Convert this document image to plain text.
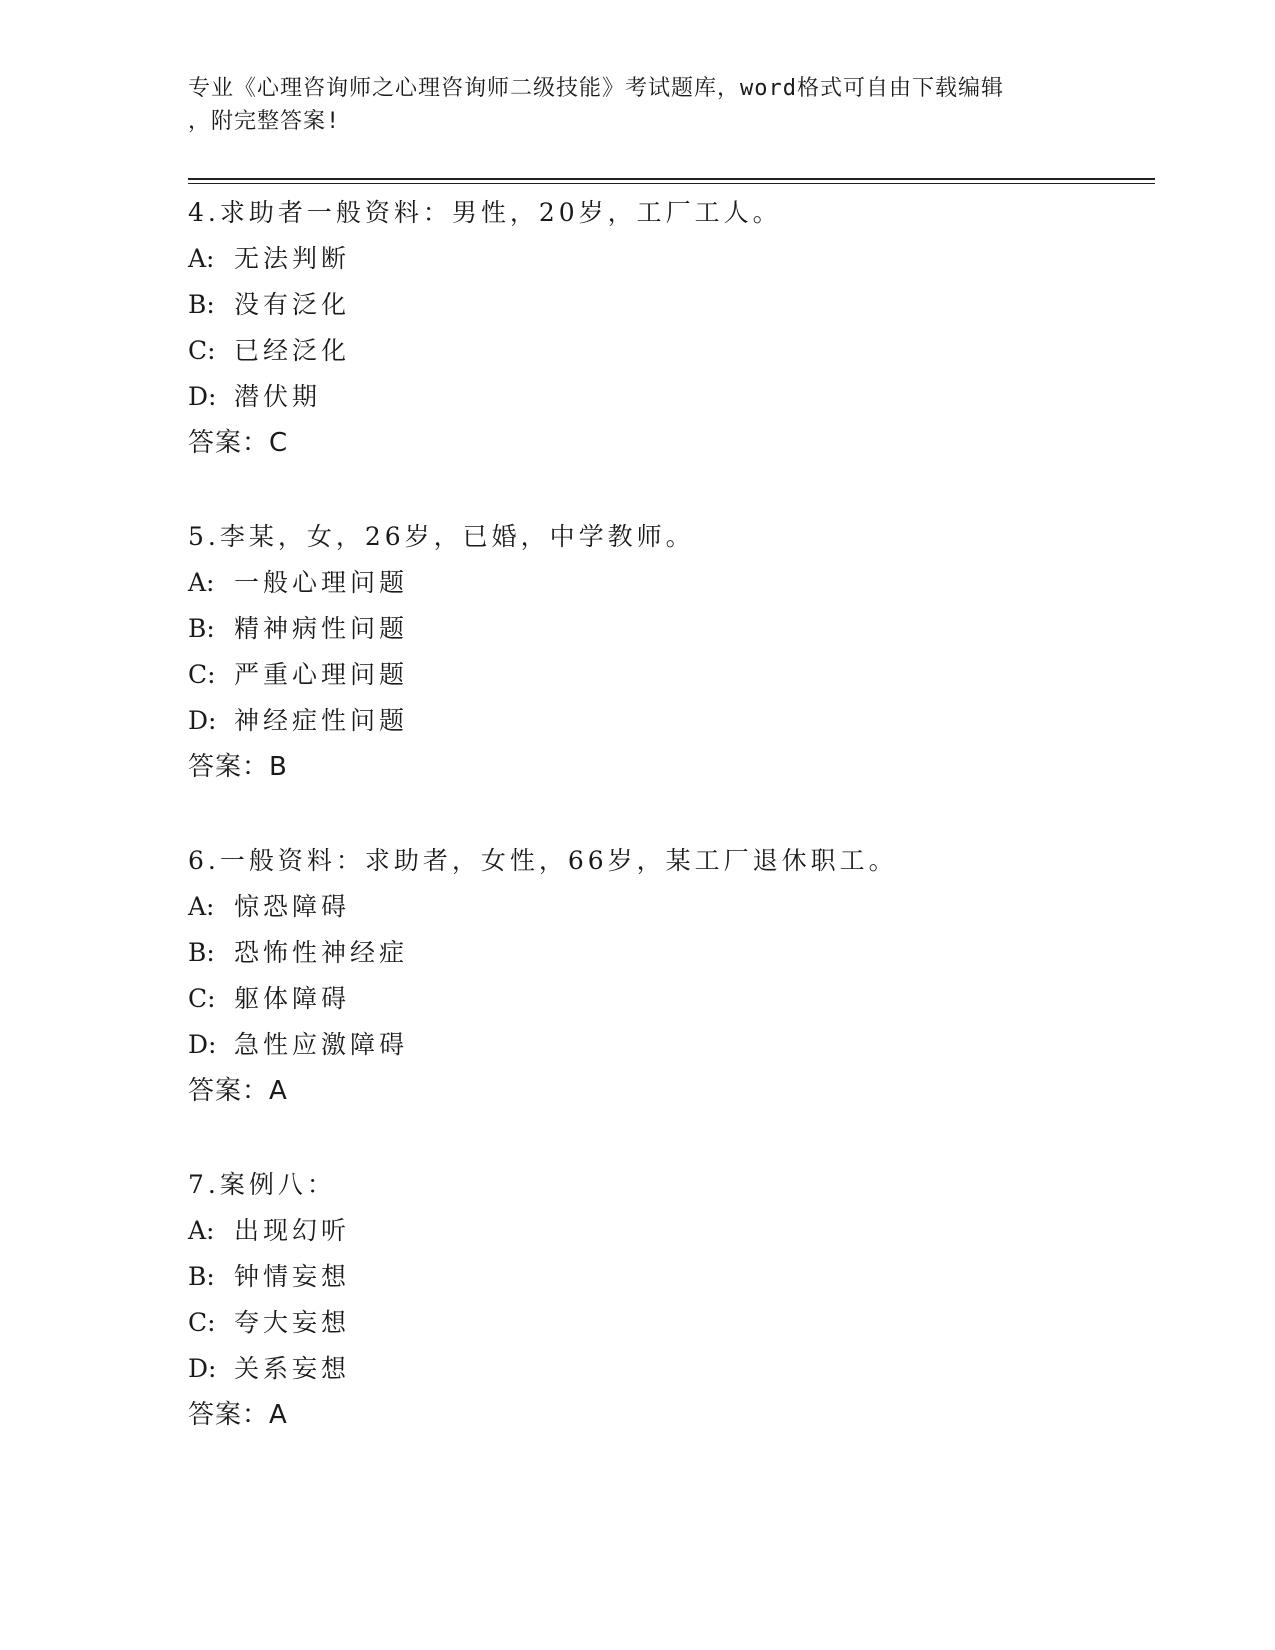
专业《心理咨询师之心理咨询师二级技能》考试题库，word格式可自由下载编辑
，附完整答案!
4.求助者一般资料：男性，20岁，工厂工人。
A: 无法判断
B: 没有泛化
C: 已经泛化
D: 潜伏期
答案：C
5.李某，女，26岁，已婚，中学教师。
A: 一般心理问题
B: 精神病性问题
C: 严重心理问题
D: 神经症性问题
答案：B
6.一般资料：求助者，女性，66岁，某工厂退休职工。
A: 惊恐障碍
B: 恐怖性神经症
C: 躯体障碍
D: 急性应激障碍
答案：A
7.案例八：
A: 出现幻听
B: 钟情妄想
C: 夸大妄想
D: 关系妄想
答案：A
